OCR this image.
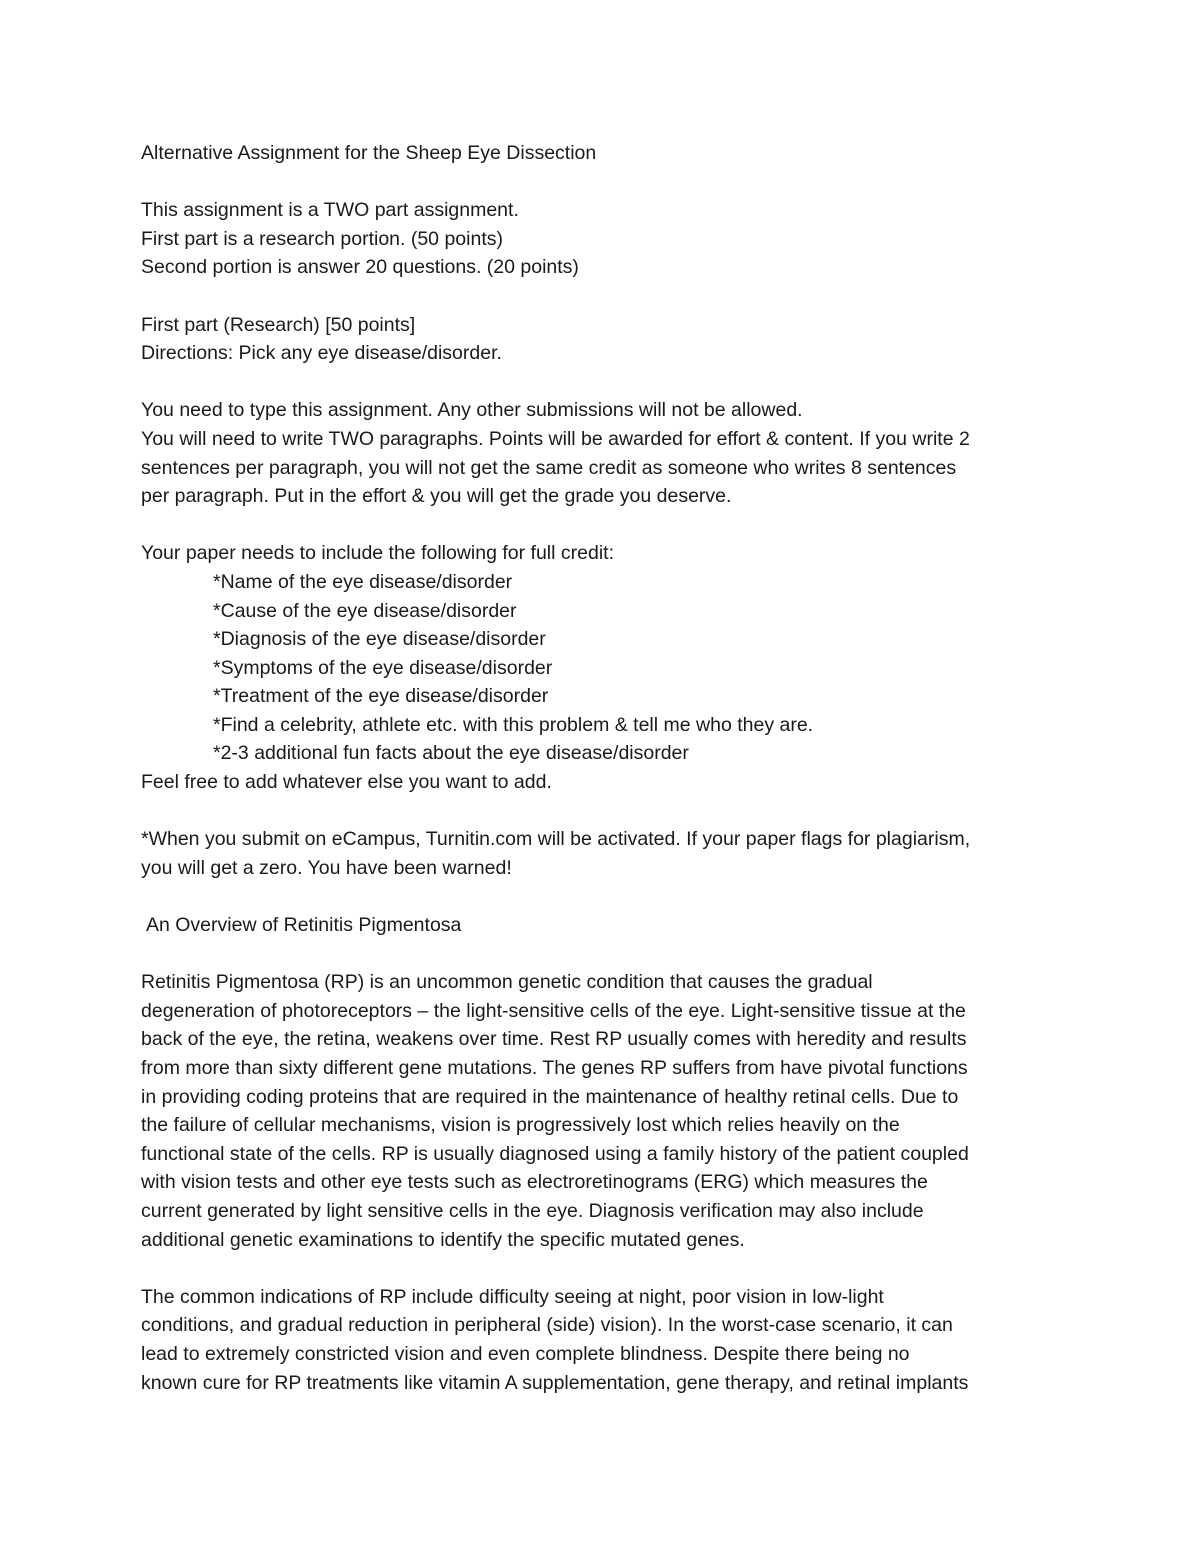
Alternative Assignment for the Sheep Eye Dissection
This assignment is a TWO part assignment.
First part is a research portion. (50 points)
Second portion is answer 20 questions. (20 points)
First part (Research) [50 points]
Directions: Pick any eye disease/disorder.
You need to type this assignment. Any other submissions will not be allowed.
You will need to write TWO paragraphs. Points will be awarded for effort & content. If you write 2
sentences per paragraph, you will not get the same credit as someone who writes 8 sentences
per paragraph. Put in the effort & you will get the grade you deserve.
Your paper needs to include the following for full credit:
*Name of the eye disease/disorder
*Cause of the eye disease/disorder
*Diagnosis of the eye disease/disorder
*Symptoms of the eye disease/disorder
*Treatment of the eye disease/disorder
*Find a celebrity, athlete etc. with this problem & tell me who they are.
*2-3 additional fun facts about the eye disease/disorder
Feel free to add whatever else you want to add.
*When you submit on eCampus, Turnitin.com will be activated. If your paper flags for plagiarism,
you will get a zero. You have been warned!
An Overview of Retinitis Pigmentosa
Retinitis Pigmentosa (RP) is an uncommon genetic condition that causes the gradual
degeneration of photoreceptors – the light-sensitive cells of the eye. Light-sensitive tissue at the
back of the eye, the retina, weakens over time. Rest RP usually comes with heredity and results
from more than sixty different gene mutations. The genes RP suffers from have pivotal functions
in providing coding proteins that are required in the maintenance of healthy retinal cells. Due to
the failure of cellular mechanisms, vision is progressively lost which relies heavily on the
functional state of the cells. RP is usually diagnosed using a family history of the patient coupled
with vision tests and other eye tests such as electroretinograms (ERG) which measures the
current generated by light sensitive cells in the eye. Diagnosis verification may also include
additional genetic examinations to identify the specific mutated genes.
The common indications of RP include difficulty seeing at night, poor vision in low-light
conditions, and gradual reduction in peripheral (side) vision). In the worst-case scenario, it can
lead to extremely constricted vision and even complete blindness. Despite there being no
known cure for RP treatments like vitamin A supplementation, gene therapy, and retinal implants
